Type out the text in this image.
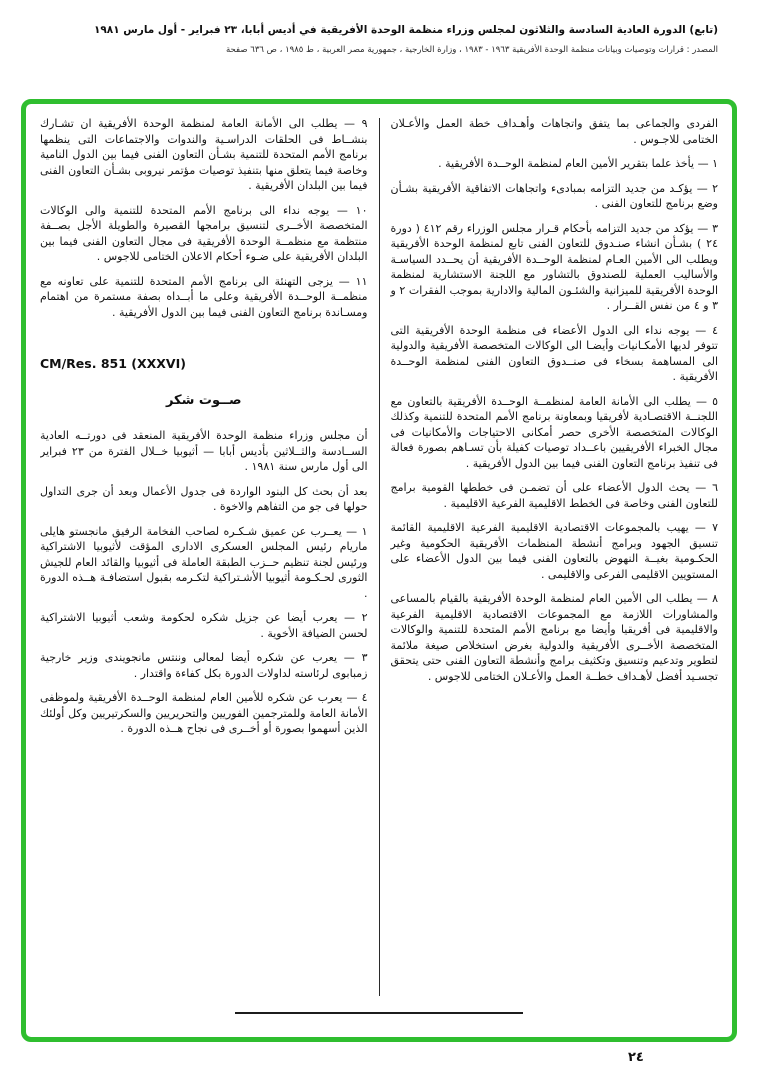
(تابع) الدورة العادية السادسة والثلاثون لمجلس وزراء منظمة الوحدة الأفريقية في أديس أبابا، ٢٣ فبراير - أول مارس ١٩٨١
المصدر : قرارات وتوصيات وبيانات منظمة الوحدة الأفريقية ١٩٦٣ - ١٩٨٣ ، وزارة الخارجية ، جمهورية مصر العربية ، ط ١٩٨٥ ، ص ٦٣٦ صفحة

الفردى والجماعى بما يتفق واتجاهات وأهـداف خطة العمل والأعـلان الختامى للاجـوس .

١ — يأخذ علما بتقرير الأمين العام لمنظمة الوحــدة الأفريقية .

٢ — يؤكـد من جديد التزامه بمبادىء واتجاهات الاتفاقية الأفريقية بشـأن وضع برنامج للتعاون الفنى .

٣ — يؤكد من جديد التزامه بأحكام قـرار مجلس الوزراء رقم ٤١٢ ( دورة ٢٤ ) بشـأن انشاء صنـدوق للتعاون الفنى تابع لمنظمة الوحدة الأفريقية ويطلب الى الأمين العـام لمنظمة الوحــدة الأفريقية أن يحــدد السياسـة والأساليب العملية للصندوق بالتشاور مع اللجنة الاستشارية لمنظمة الوحدة الأفريقية للميزانية والشئـون المالية والادارية بموجب الفقرات ٢ و ٣ و ٤ من نفس القــرار .

٤ — يوجه نداء الى الدول الأعضاء فى منظمة الوحدة الأفريقية التى تتوفر لديها الأمكـانيات وأيضـا الى الوكالات المتخصصة الأفريقية والدولية الى المساهمة بسخاء فى صنــدوق التعاون الفنى لمنظمة الوحــدة الأفريقية .

٥ — يطلب الى الأمانة العامة لمنظمــة الوحــدة الأفريقية بالتعاون مع اللجنــة الاقتصـادية لأفريقيا وبمعاونة برنامج الأمم المتحدة للتنمية وكذلك الوكالات المتخصصة الأخرى حصر أمكانى الاحتياجات والأمكانيات فى مجال الخبراء الأفريقيين باعــداد توصيات كفيلة بأن تسـاهم بصورة فعالة فى تنفيذ برنامج التعاون الفنى فيما بين الدول الأفريقية .

٦ — يحث الدول الأعضاء على أن تضمـن فى خططها القومية برامج للتعاون الفنى وخاصة فى الخطط الاقليمية الفرعية الاقليمية .

٧ — يهيب بالمجموعات الاقتصادية الاقليمية الفرعية الاقليمية القائمة تنسيق الجهود وبرامج أنشطة المنظمات الأفريقية الحكومية وغير الحكـومية بغيــة النهوض بالتعاون الفنى فيما بين الدول الأعضاء على المستويين الاقليمى الفرعى والاقليمى .

٨ — يطلب الى الأمين العام لمنظمة الوحدة الأفريقية بالقيام بالمساعى والمشاورات اللازمة مع المجموعات الاقتصادية الاقليمية الفرعية والاقليمية فى أفريقيا وأيضا مع برنامج الأمم المتحدة للتنمية والوكالات المتخصصة الأخــرى الأفريقية والدولية بغرض استخلاص صيغة ملائمة لتطوير وتدعيم وتنسيق وتكثيف برامج وأنشطة التعاون الفنى حتى يتحقق تجسـيد أفضل لأهـداف خطــة العمل والأعـلان الختامى للاجوس .

٩ — يطلب الى الأمانة العامة لمنظمة الوحدة الأفريقية ان تشـارك بنشــاط فى الحلقات الدراسـية والندوات والاجتماعات التى ينظمها برنامج الأمم المتحدة للتنمية بشـأن التعاون الفنى فيما بين الدول النامية وخاصة فيما يتعلق منها بتنفيذ توصيات مؤتمر نيروبى بشـأن التعاون الفنى فيما بين البلدان الأفريقية .

١٠ — يوجه نداء الى برنامج الأمم المتحدة للتنمية والى الوكالات المتخصصة الأخــرى لتنسيق برامجها القصيرة والطويلة الأجل بصــفة منتظمة مع منظمــة الوحدة الأفريقية فى مجال التعاون الفنى فيما بين البلدان الأفريقية على ضـوء أحكام الاعلان الختامى للاجوس .

١١ — يزجى التهنئة الى برنامج الأمم المتحدة للتنمية على تعاونه مع منظمــة الوحــدة الأفريقية وعلى ما أبــداه بصفة مستمرة من اهتمام ومسـاندة برنامج التعاون الفنى فيما بين الدول الأفريقية .

CM/Res. 851 (XXXVI)
صــوت شكر

أن مجلس وزراء منظمة الوحدة الأفريقية المنعقد فى دورتــه العادية الســادسة والثــلاثين بأديس أبابا — أثيوبيا خــلال الفترة من ٢٣ فبراير الى أول مارس سنة ١٩٨١ .

بعد أن بحث كل البنود الواردة فى جدول الأعمال وبعد أن جرى التداول حولها فى جو من التفاهم والاخوة .

١ — يعــرب عن عميق شـكـره لصاحب الفخامة الرفيق مانجستو هايلى ماريام رئيس المجلس العسكرى الادارى المؤقت لأثيوبيا الاشتراكية ورئيس لجنة تنظيم حــزب الطبقة العاملة فى أثيوبيا والقائد العام للجيش الثورى لحـكـومة أثيوبيا الأشـتراكية لتكـرمه بقبول استضافـة هــذه الدورة .

٢ — يعرب أيضا عن جزيل شكره لحكومة وشعب أثيوبيا الاشتراكية لحسن الضيافة الأخوية .

٣ — يعرب عن شكره أيضا لمعالى وننتس مانجويندى وزير خارجية زمبابوى لرئاسته لداولات الدورة بكل كفاءة واقتدار .

٤ — يعرب عن شكره للأمين العام لمنظمة الوحــدة الأفريقية ولموظفى الأمانة العامة وللمترجمين الفوريين والتحريريين والسكرتيريين وكل أولئك الذين أسهموا بصورة أو أخــرى فى نجاح هــذه الدورة .

٢٤
